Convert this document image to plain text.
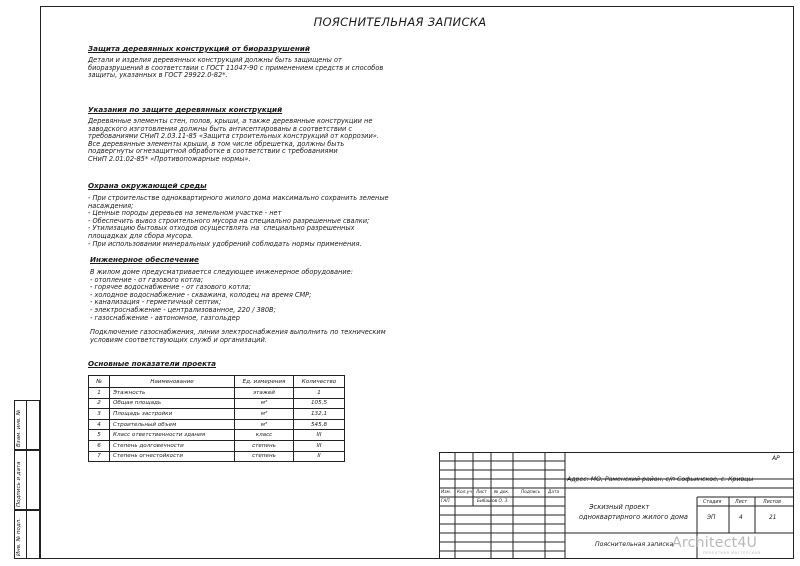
ПОЯСНИТЕЛЬНАЯ ЗАПИСКА
Защита деревянных конструкций от биоразрушений
Детали и изделия деревянных конструкций должны быть защищены от
биоразрушений в соответствии с ГОСТ 11047-90 с применением средств и способов
защиты, указанных в ГОСТ 29922.0-82*.
Указания по защите деревянных конструкций
Деревянные элементы стен, полов, крыши, а также деревянные конструкции не
заводского изготовления должны быть антисептированы в соответствии с
требованиями СНиП 2.03.11-85 «Защита строительных конструкций от коррозии».
Все деревянные элементы крыши, в том числе обрешетка, должны быть
подвергнуты огнезащитной обработке в соответствии с требованиями
СНиП 2.01.02-85* «Противопожарные нормы».
Охрана окружающей среды
- При строительстве одноквартирного жилого дома максимально сохранить зеленые
насаждения;
- Ценные породы деревьев на земельном участке - нет
- Обеспечить вывоз строительного мусора на специально разрешенные свалки;
- Утилизацию бытовых отходов осуществлять на  специально разрешенных
площадках для сбора мусора.
- При использовании минеральных удобрений соблюдать нормы применения.
Инженерное обеспечение
В жилом доме предусматривается следующее инженерное оборудование:
- отопление - от газового котла;
- горячее водоснабжение - от газового котла;
- холодное водоснабжение - скважина, колодец на время СМР;
- канализация - герметичный септик;
- электроснабжение - централизованное, 220 / 380В;
- газоснабжение - автономное, газгольдер
Подключение газоснабжения, линии электроснабжения выполнить по техническим
условиям соответствующих служб и организаций.
Основные показатели проекта
№	Наименование	Ед. измерения	Количество
1	Этажность	этажей	1
2	Общая площадь	м²	105,5
3	Площадь застройки	м²	132,1
4	Строительный объем	м³	545,8
5	Класс ответственности здания	класс	III
6	Степень долговечности	степень	III
7	Степень огнестойкости	степень	II
Взам. инв. №
Подпись и дата
Инв. № подл.
АР
Адрес: МО, Раменский район, с/п Софьинское, с. Кривцы
Изм. Кол.уч Лист № док.	Подпись Дата
ГАП	Бибашов О. З.
Эскизный проект
одноквартирного жилого дома
Стадия	Лист	Листов
ЭП	4	21
Пояснительная записка
Architect4U
ПРОЕКТНАЯ МАСТЕРСКАЯ
